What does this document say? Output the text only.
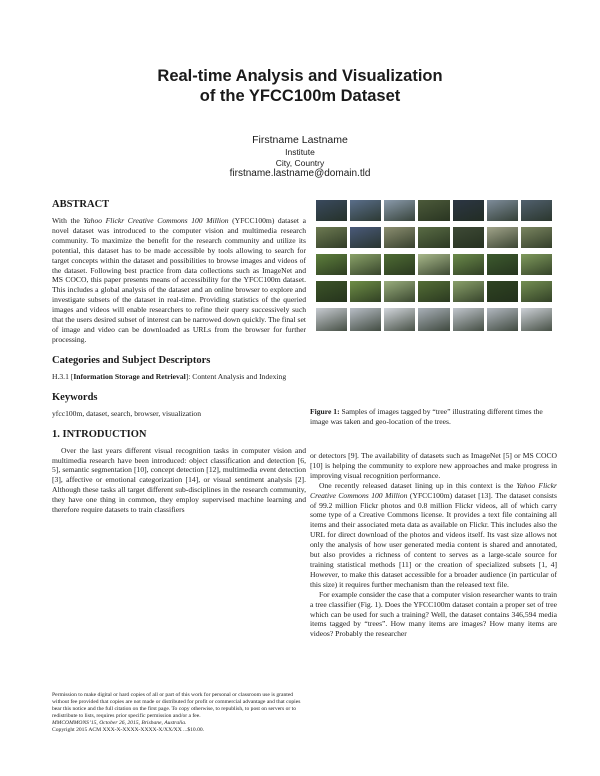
Real-time Analysis and Visualization
of the YFCC100m Dataset
Firstname Lastname
Institute
City, Country
firstname.lastname@domain.tld
ABSTRACT

With the Yahoo Flickr Creative Commons 100 Million (YFCC100m) dataset a novel dataset was introduced to the computer vision and multimedia research community. To maximize the benefit for the research community and utilize its potential, this dataset has to be made accessible by tools allowing to search for target concepts within the dataset and possibilities to browse images and videos of the dataset. Following best practice from data collections such as ImageNet and MS COCO, this paper presents means of accessibility for the YFCC100m dataset. This includes a global analysis of the dataset and an online browser to explore and investigate subsets of the dataset in real-time. Providing statistics of the queried images and videos will enable researchers to refine their query successively such that the users desired subset of interest can be narrowed down quickly. The final set of image and video can be downloaded as URLs from the browser for further processing.

Categories and Subject Descriptors

H.3.1 [Information Storage and Retrieval]: Content Analysis and Indexing

Keywords

yfcc100m, dataset, search, browser, visualization

1. INTRODUCTION

Over the last years different visual recognition tasks in computer vision and multimedia research have been introduced: object classification and detection [6, 5], semantic segmentation [10], concept detection [12], multimedia event detection [3], affective or emotional categorization [14], or visual sentiment analysis [2]. Although these tasks all target different sub-disciplines in the research community, they have one thing in common, they employ supervised machine learning and therefore require datasets to train classifiers

Permission to make digital or hard copies of all or part of this work for personal or classroom use is granted without fee provided that copies are not made or distributed for profit or commercial advantage and that copies bear this notice and the full citation on the first page. To copy otherwise, to republish, to post on servers or to redistribute to lists, requires prior specific permission and/or a fee.

MMCOMMONS’15, October 26, 2015, Brisbane, Australia.

Copyright 2015 ACM XXX-X-XXXX-XXXX-X/XX/XX ...$10.00.

Figure 1: Samples of images tagged by “tree” illustrating different times the image was taken and geo-location of the trees.

or detectors [9]. The availability of datasets such as ImageNet [5] or MS COCO [10] is helping the community to explore new approaches and make progress in improving visual recognition performance.

One recently released dataset lining up in this context is the Yahoo Flickr Creative Commons 100 Million (YFCC100m) dataset [13]. The dataset consists of 99.2 million Flickr photos and 0.8 million Flickr videos, all of which carry some type of a Creative Commons license. It provides a text file containing all items and their associated meta data as available on Flickr. This includes also the URL for direct download of the photos and videos itself. Its vast size allows not only the analysis of how user generated media content is shared and annotated, but also provides a richness of content to serves as a large-scale source for training statistical methods [11] or the creation of specialized subsets [1, 4] However, to make this dataset accessible for a broader audience (in particular of this size) it requires further mechanism than the released text file.

For example consider the case that a computer vision researcher wants to train a tree classifier (Fig. 1). Does the YFCC100m dataset contain a proper set of tree which can be used for such a training? Well, the dataset contains 346,594 media items tagged by “trees”. How many items are images? How many items are videos? Probably the researcher
